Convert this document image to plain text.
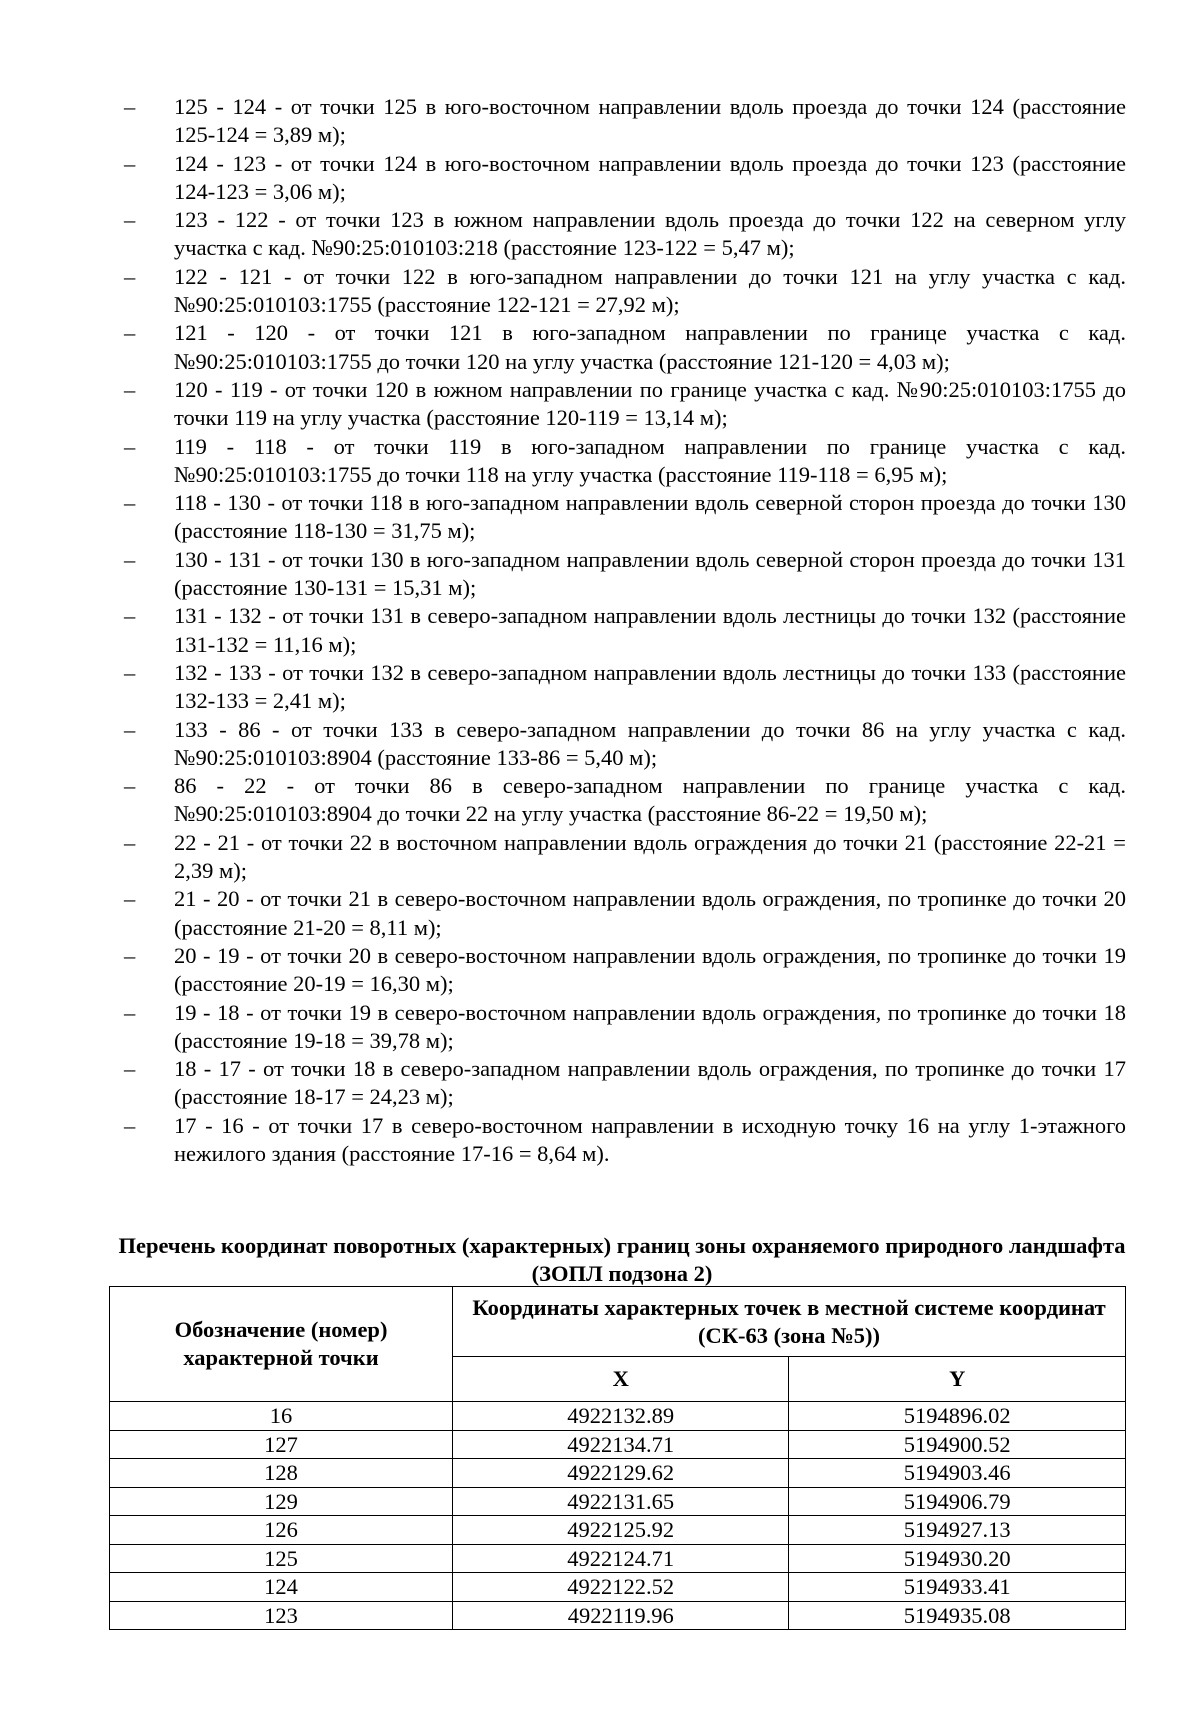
– 125 - 124 - от точки 125 в юго-восточном направлении вдоль проезда до точки 124 (расстояние 125-124 = 3,89 м);

– 124 - 123 - от точки 124 в юго-восточном направлении вдоль проезда до точки 123 (расстояние 124-123 = 3,06 м);

– 123 - 122 - от точки 123 в южном направлении вдоль проезда до точки 122 на северном углу участка с кад. №90:25:010103:218 (расстояние 123-122 = 5,47 м);

– 122 - 121 - от точки 122 в юго-западном направлении до точки 121 на углу участка с кад. №90:25:010103:1755 (расстояние 122-121 = 27,92 м);

– 121 - 120 - от точки 121 в юго-западном направлении по границе участка с кад. №90:25:010103:1755 до точки 120 на углу участка (расстояние 121-120 = 4,03 м);

– 120 - 119 - от точки 120 в южном направлении по границе участка с кад. №90:25:010103:1755 до точки 119 на углу участка (расстояние 120-119 = 13,14 м);

– 119 - 118 - от точки 119 в юго-западном направлении по границе участка с кад. №90:25:010103:1755 до точки 118 на углу участка (расстояние 119-118 = 6,95 м);

– 118 - 130 - от точки 118 в юго-западном направлении вдоль северной сторон проезда до точки 130 (расстояние 118-130 = 31,75 м);

– 130 - 131 - от точки 130 в юго-западном направлении вдоль северной сторон проезда до точки 131 (расстояние 130-131 = 15,31 м);

– 131 - 132 - от точки 131 в северо-западном направлении вдоль лестницы до точки 132 (расстояние 131-132 = 11,16 м);

– 132 - 133 - от точки 132 в северо-западном направлении вдоль лестницы до точки 133 (расстояние 132-133 = 2,41 м);

– 133 - 86 - от точки 133 в северо-западном направлении до точки 86 на углу участка с кад. №90:25:010103:8904 (расстояние 133-86 = 5,40 м);

– 86 - 22 - от точки 86 в северо-западном направлении по границе участка с кад. №90:25:010103:8904 до точки 22 на углу участка (расстояние 86-22 = 19,50 м);

– 22 - 21 - от точки 22 в восточном направлении вдоль ограждения до точки 21 (расстояние 22-21 = 2,39 м);

– 21 - 20 - от точки 21 в северо-восточном направлении вдоль ограждения, по тропинке до точки 20 (расстояние 21-20 = 8,11 м);

– 20 - 19 - от точки 20 в северо-восточном направлении вдоль ограждения, по тропинке до точки 19 (расстояние 20-19 = 16,30 м);

– 19 - 18 - от точки 19 в северо-восточном направлении вдоль ограждения, по тропинке до точки 18 (расстояние 19-18 = 39,78 м);

– 18 - 17 - от точки 18 в северо-западном направлении вдоль ограждения, по тропинке до точки 17 (расстояние 18-17 = 24,23 м);

– 17 - 16 - от точки 17 в северо-восточном направлении в исходную точку 16 на углу 1-этажного нежилого здания (расстояние 17-16 = 8,64 м).

Перечень координат поворотных (характерных) границ зоны охраняемого природного ландшафта (ЗОПЛ подзона 2)
Обозначение (номер) характерной точки	Координаты характерных точек в местной системе координат (СК-63 (зона №5))	
	X	Y
16	4922132.89	5194896.02
127	4922134.71	5194900.52
128	4922129.62	5194903.46
129	4922131.65	5194906.79
126	4922125.92	5194927.13
125	4922124.71	5194930.20
124	4922122.52	5194933.41
123	4922119.96	5194935.08
